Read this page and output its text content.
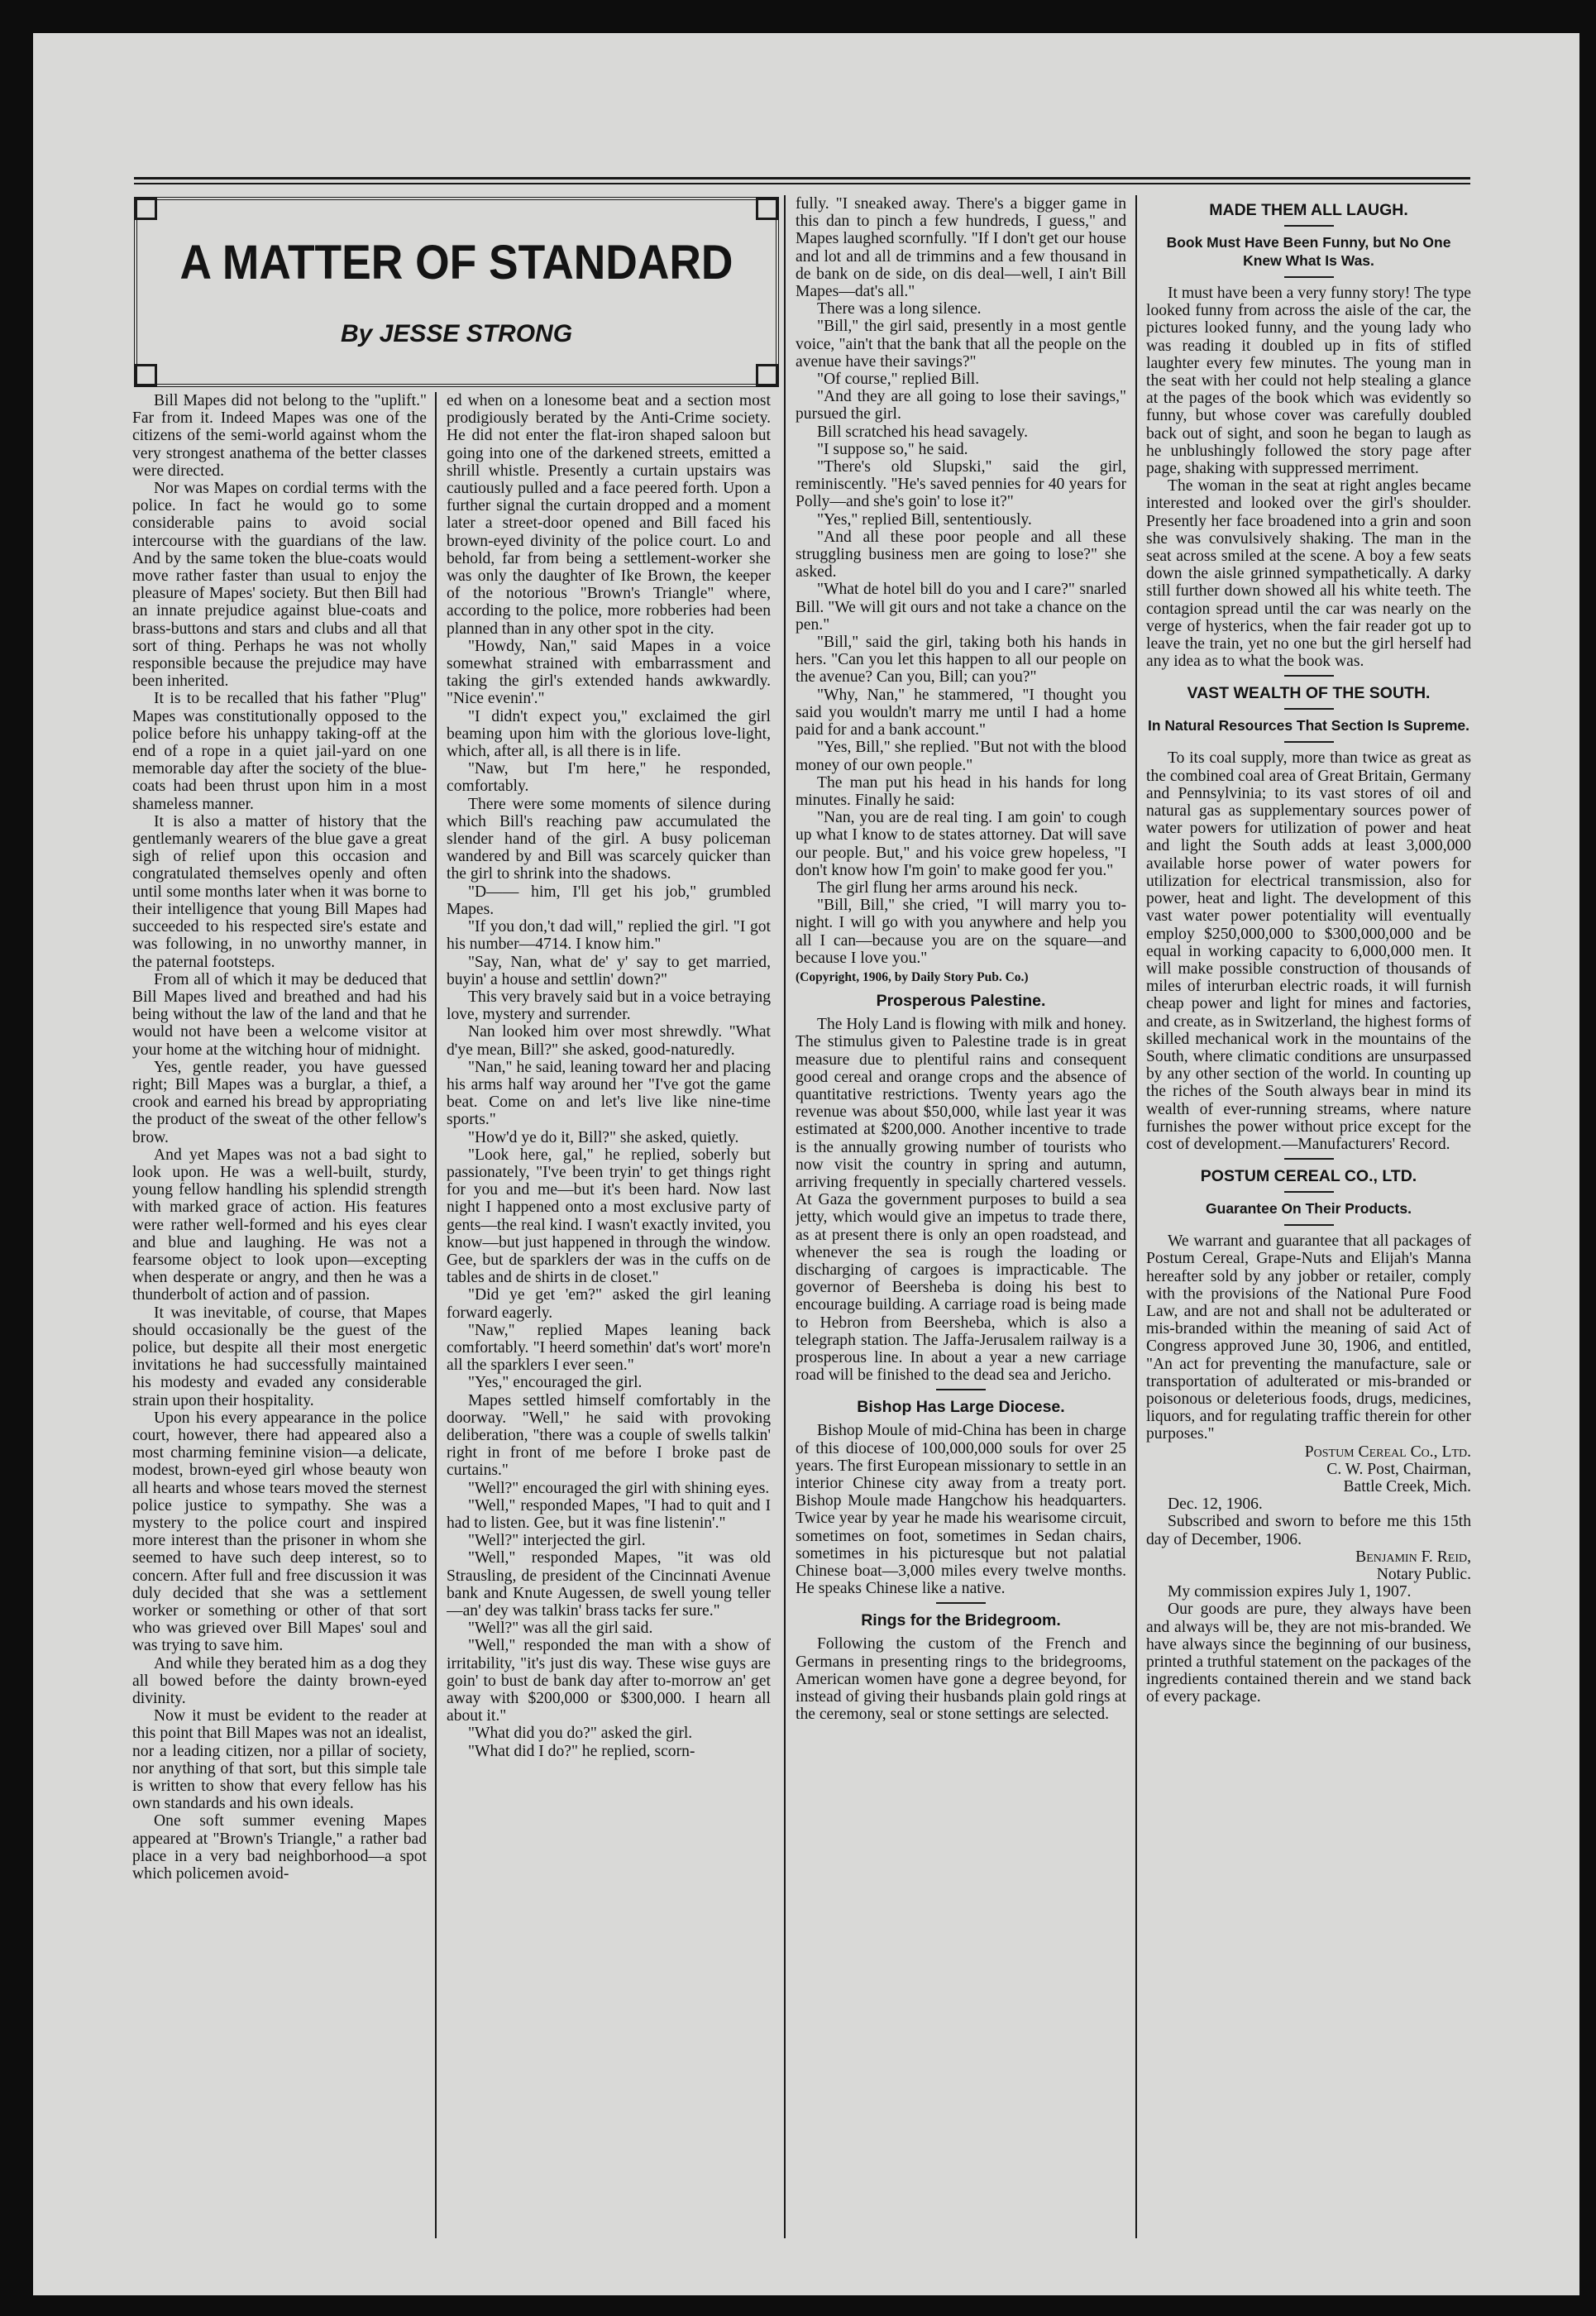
A MATTER OF STANDARD
By JESSE STRONG

Bill Mapes did not belong to the "uplift." Far from it. Indeed Mapes was one of the citizens of the semi-world against whom the very strongest anathema of the better classes were directed.

Nor was Mapes on cordial terms with the police. In fact he would go to some considerable pains to avoid social intercourse with the guardians of the law. And by the same token the blue-coats would move rather faster than usual to enjoy the pleasure of Mapes' society. But then Bill had an innate prejudice against blue-coats and brass-buttons and stars and clubs and all that sort of thing. Perhaps he was not wholly responsible because the prejudice may have been inherited.

It is to be recalled that his father "Plug" Mapes was constitutionally opposed to the police before his unhappy taking-off at the end of a rope in a quiet jail-yard on one memorable day after the society of the blue-coats had been thrust upon him in a most shameless manner.

It is also a matter of history that the gentlemanly wearers of the blue gave a great sigh of relief upon this occasion and congratulated themselves openly and often until some months later when it was borne to their intelligence that young Bill Mapes had succeeded to his respected sire's estate and was following, in no unworthy manner, in the paternal footsteps.

From all of which it may be deduced that Bill Mapes lived and breathed and had his being without the law of the land and that he would not have been a welcome visitor at your home at the witching hour of midnight.

Yes, gentle reader, you have guessed right; Bill Mapes was a burglar, a thief, a crook and earned his bread by appropriating the product of the sweat of the other fellow's brow.

And yet Mapes was not a bad sight to look upon. He was a well-built, sturdy, young fellow handling his splendid strength with marked grace of action. His features were rather well-formed and his eyes clear and blue and laughing. He was not a fearsome object to look upon—excepting when desperate or angry, and then he was a thunderbolt of action and of passion.

It was inevitable, of course, that Mapes should occasionally be the guest of the police, but despite all their most energetic invitations he had successfully maintained his modesty and evaded any considerable strain upon their hospitality.

Upon his every appearance in the police court, however, there had appeared also a most charming feminine vision—a delicate, modest, brown-eyed girl whose beauty won all hearts and whose tears moved the sternest police justice to sympathy. She was a mystery to the police court and inspired more interest than the prisoner in whom she seemed to have such deep interest, so to concern. After full and free discussion it was duly decided that she was a settlement worker or something or other of that sort who was grieved over Bill Mapes' soul and was trying to save him.

And while they berated him as a dog they all bowed before the dainty brown-eyed divinity.

Now it must be evident to the reader at this point that Bill Mapes was not an idealist, nor a leading citizen, nor a pillar of society, nor anything of that sort, but this simple tale is written to show that every fellow has his own standards and his own ideals.

One soft summer evening Mapes appeared at "Brown's Triangle," a rather bad place in a very bad neighborhood—a spot which policemen avoid-

ed when on a lonesome beat and a section most prodigiously berated by the Anti-Crime society. He did not enter the flat-iron shaped saloon but going into one of the darkened streets, emitted a shrill whistle. Presently a curtain upstairs was cautiously pulled and a face peered forth. Upon a further signal the curtain dropped and a moment later a street-door opened and Bill faced his brown-eyed divinity of the police court. Lo and behold, far from being a settlement-worker she was only the daughter of Ike Brown, the keeper of the notorious "Brown's Triangle" where, according to the police, more robberies had been planned than in any other spot in the city.

"Howdy, Nan," said Mapes in a voice somewhat strained with embarrassment and taking the girl's extended hands awkwardly. "Nice evenin'."

"I didn't expect you," exclaimed the girl beaming upon him with the glorious love-light, which, after all, is all there is in life.

"Naw, but I'm here," he responded, comfortably.

There were some moments of silence during which Bill's reaching paw accumulated the slender hand of the girl. A busy policeman wandered by and Bill was scarcely quicker than the girl to shrink into the shadows.

"D—— him, I'll get his job," grumbled Mapes.

"If you don,'t dad will," replied the girl. "I got his number—4714. I know him."

"Say, Nan, what de' y' say to get married, buyin' a house and settlin' down?"

This very bravely said but in a voice betraying love, mystery and surrender.

Nan looked him over most shrewdly. "What d'ye mean, Bill?" she asked, good-naturedly.

"Nan," he said, leaning toward her and placing his arms half way around her "I've got the game beat. Come on and let's live like nine-time sports."

"How'd ye do it, Bill?" she asked, quietly.

"Look here, gal," he replied, soberly but passionately, "I've been tryin' to get things right for you and me—but it's been hard. Now last night I happened onto a most exclusive party of gents—the real kind. I wasn't exactly invited, you know—but just happened in through the window. Gee, but de sparklers der was in the cuffs on de tables and de shirts in de closet."

"Did ye get 'em?" asked the girl leaning forward eagerly.

"Naw," replied Mapes leaning back comfortably. "I heerd somethin' dat's wort' more'n all the sparklers I ever seen."

"Yes," encouraged the girl.

Mapes settled himself comfortably in the doorway. "Well," he said with provoking deliberation, "there was a couple of swells talkin' right in front of me before I broke past de curtains."

"Well?" encouraged the girl with shining eyes.

"Well," responded Mapes, "I had to quit and I had to listen. Gee, but it was fine listenin'."

"Well?" interjected the girl.

"Well," responded Mapes, "it was old Strausling, de president of the Cincinnati Avenue bank and Knute Augessen, de swell young teller—an' dey was talkin' brass tacks fer sure."

"Well?" was all the girl said.

"Well," responded the man with a show of irritability, "it's just dis way. These wise guys are goin' to bust de bank day after to-morrow an' get away with $200,000 or $300,000. I hearn all about it."

"What did you do?" asked the girl.

"What did I do?" he replied, scorn-

fully. "I sneaked away. There's a bigger game in this dan to pinch a few hundreds, I guess," and Mapes laughed scornfully. "If I don't get our house and lot and all de trimmins and a few thousand in de bank on de side, on dis deal—well, I ain't Bill Mapes—dat's all."

There was a long silence.

"Bill," the girl said, presently in a most gentle voice, "ain't that the bank that all the people on the avenue have their savings?"

"Of course," replied Bill.

"And they are all going to lose their savings," pursued the girl.

Bill scratched his head savagely.

"I suppose so," he said.

"There's old Slupski," said the girl, reminiscently. "He's saved pennies for 40 years for Polly—and she's goin' to lose it?"

"Yes," replied Bill, sententiously.

"And all these poor people and all these struggling business men are going to lose?" she asked.

"What de hotel bill do you and I care?" snarled Bill. "We will git ours and not take a chance on the pen."

"Bill," said the girl, taking both his hands in hers. "Can you let this happen to all our people on the avenue? Can you, Bill; can you?"

"Why, Nan," he stammered, "I thought you said you wouldn't marry me until I had a home paid for and a bank account."

"Yes, Bill," she replied. "But not with the blood money of our own people."

The man put his head in his hands for long minutes. Finally he said:

"Nan, you are de real ting. I am goin' to cough up what I know to de states attorney. Dat will save our people. But," and his voice grew hopeless, "I don't know how I'm goin' to make good fer you."

The girl flung her arms around his neck.

"Bill, Bill," she cried, "I will marry you to-night. I will go with you anywhere and help you all I can—because you are on the square—and because I love you."

(Copyright, 1906, by Daily Story Pub. Co.)

Prosperous Palestine.

The Holy Land is flowing with milk and honey. The stimulus given to Palestine trade is in great measure due to plentiful rains and consequent good cereal and orange crops and the absence of quantitative restrictions. Twenty years ago the revenue was about $50,000, while last year it was estimated at $200,000. Another incentive to trade is the annually growing number of tourists who now visit the country in spring and autumn, arriving frequently in specially chartered vessels. At Gaza the government purposes to build a sea jetty, which would give an impetus to trade there, as at present there is only an open roadstead, and whenever the sea is rough the loading or discharging of cargoes is impracticable. The governor of Beersheba is doing his best to encourage building. A carriage road is being made to Hebron from Beersheba, which is also a telegraph station. The Jaffa-Jerusalem railway is a prosperous line. In about a year a new carriage road will be finished to the dead sea and Jericho.

Bishop Has Large Diocese.

Bishop Moule of mid-China has been in charge of this diocese of 100,000,000 souls for over 25 years. The first European missionary to settle in an interior Chinese city away from a treaty port. Bishop Moule made Hangchow his headquarters. Twice year by year he made his wearisome circuit, sometimes on foot, sometimes in Sedan chairs, sometimes in his picturesque but not palatial Chinese boat—3,000 miles every twelve months. He speaks Chinese like a native.

Rings for the Bridegroom.

Following the custom of the French and Germans in presenting rings to the bridegrooms, American women have gone a degree beyond, for instead of giving their husbands plain gold rings at the ceremony, seal or stone settings are selected.

MADE THEM ALL LAUGH.
Book Must Have Been Funny, but No One Knew What Is Was.

It must have been a very funny story! The type looked funny from across the aisle of the car, the pictures looked funny, and the young lady who was reading it doubled up in fits of stifled laughter every few minutes. The young man in the seat with her could not help stealing a glance at the pages of the book which was evidently so funny, but whose cover was carefully doubled back out of sight, and soon he began to laugh as he unblushingly followed the story page after page, shaking with suppressed merriment.

The woman in the seat at right angles became interested and looked over the girl's shoulder. Presently her face broadened into a grin and soon she was convulsively shaking. The man in the seat across smiled at the scene. A boy a few seats down the aisle grinned sympathetically. A darky still further down showed all his white teeth. The contagion spread until the car was nearly on the verge of hysterics, when the fair reader got up to leave the train, yet no one but the girl herself had any idea as to what the book was.

VAST WEALTH OF THE SOUTH.
In Natural Resources That Section Is Supreme.

To its coal supply, more than twice as great as the combined coal area of Great Britain, Germany and Pennsylvinia; to its vast stores of oil and natural gas as supplementary sources power of water powers for utilization of power and heat and light the South adds at least 3,000,000 available horse power of water powers for utilization for electrical transmission, also for power, heat and light. The development of this vast water power potentiality will eventually employ $250,000,000 to $300,000,000 and be equal in working capacity to 6,000,000 men. It will make possible construction of thousands of miles of interurban electric roads, it will furnish cheap power and light for mines and factories, and create, as in Switzerland, the highest forms of skilled mechanical work in the mountains of the South, where climatic conditions are unsurpassed by any other section of the world. In counting up the riches of the South always bear in mind its wealth of ever-running streams, where nature furnishes the power without price except for the cost of development.—Manufacturers' Record.

POSTUM CEREAL CO., LTD.
Guarantee On Their Products.

We warrant and guarantee that all packages of Postum Cereal, Grape-Nuts and Elijah's Manna hereafter sold by any jobber or retailer, comply with the provisions of the National Pure Food Law, and are not and shall not be adulterated or mis-branded within the meaning of said Act of Congress approved June 30, 1906, and entitled, "An act for preventing the manufacture, sale or transportation of adulterated or mis-branded or poisonous or deleterious foods, drugs, medicines, liquors, and for regulating traffic therein for other purposes."

Postum Cereal Co., Ltd.

C. W. Post, Chairman,

Battle Creek, Mich.

Dec. 12, 1906.

Subscribed and sworn to before me this 15th day of December, 1906.

Benjamin F. Reid,

Notary Public.

My commission expires July 1, 1907.

Our goods are pure, they always have been and always will be, they are not mis-branded. We have always since the beginning of our business, printed a truthful statement on the packages of the ingredients contained therein and we stand back of every package.
